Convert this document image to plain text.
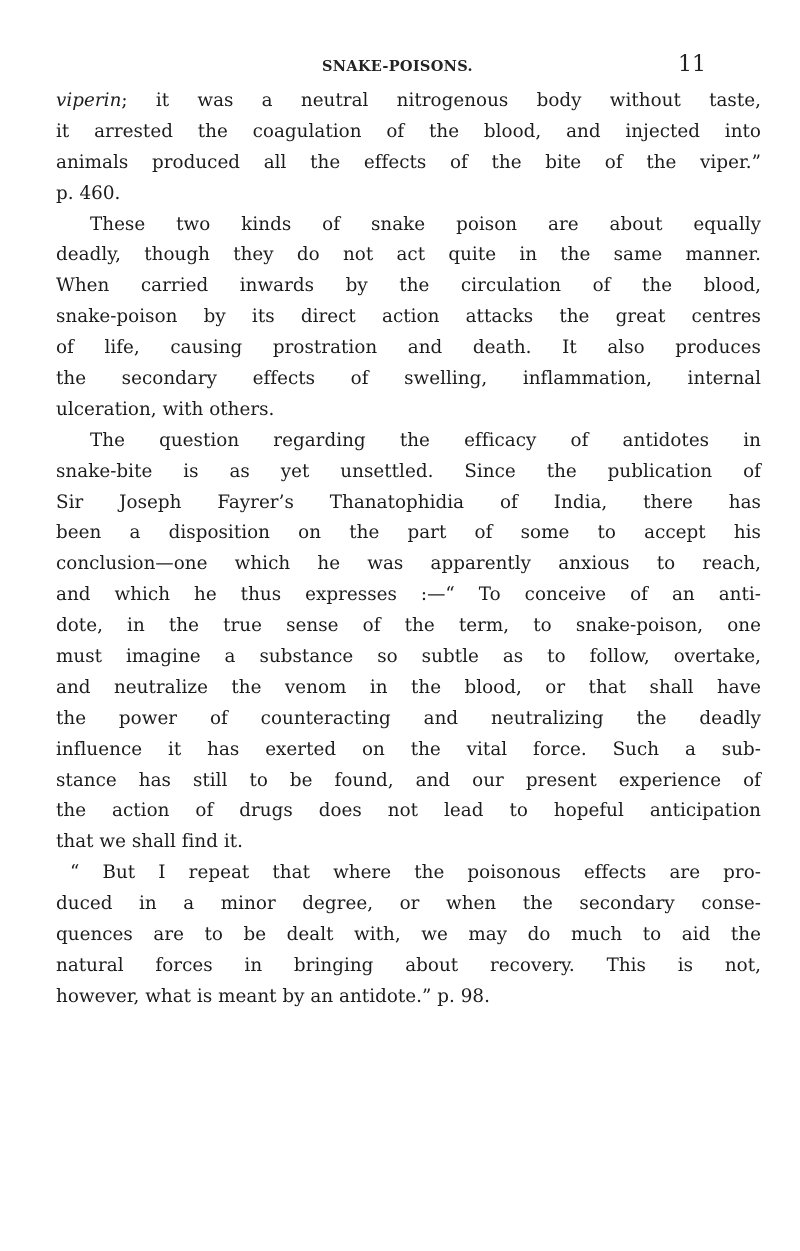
SNAKE-POISONS.	11
viperin; it was a neutral nitrogenous body without taste,
it arrested the coagulation of the blood, and injected into
animals produced all the effects of the bite of the viper.”
p. 460.
These two kinds of snake poison are about equally
deadly, though they do not act quite in the same manner.
When carried inwards by the circulation of the blood,
snake-poison by its direct action attacks the great centres
of life, causing prostration and death. It also produces
the secondary effects of swelling, inflammation, internal
ulceration, with others.
The question regarding the efficacy of antidotes in
snake-bite is as yet unsettled. Since the publication of
Sir Joseph Fayrer’s Thanatophidia of India, there has
been a disposition on the part of some to accept his
conclusion—one which he was apparently anxious to reach,
and which he thus expresses :—“ To conceive of an anti-
dote, in the true sense of the term, to snake-poison, one
must imagine a substance so subtle as to follow, overtake,
and neutralize the venom in the blood, or that shall have
the power of counteracting and neutralizing the deadly
influence it has exerted on the vital force. Such a sub-
stance has still to be found, and our present experience of
the action of drugs does not lead to hopeful anticipation
that we shall find it.
“ But I repeat that where the poisonous effects are pro-
duced in a minor degree, or when the secondary conse-
quences are to be dealt with, we may do much to aid the
natural forces in bringing about recovery. This is not,
however, what is meant by an antidote.” p. 98.
